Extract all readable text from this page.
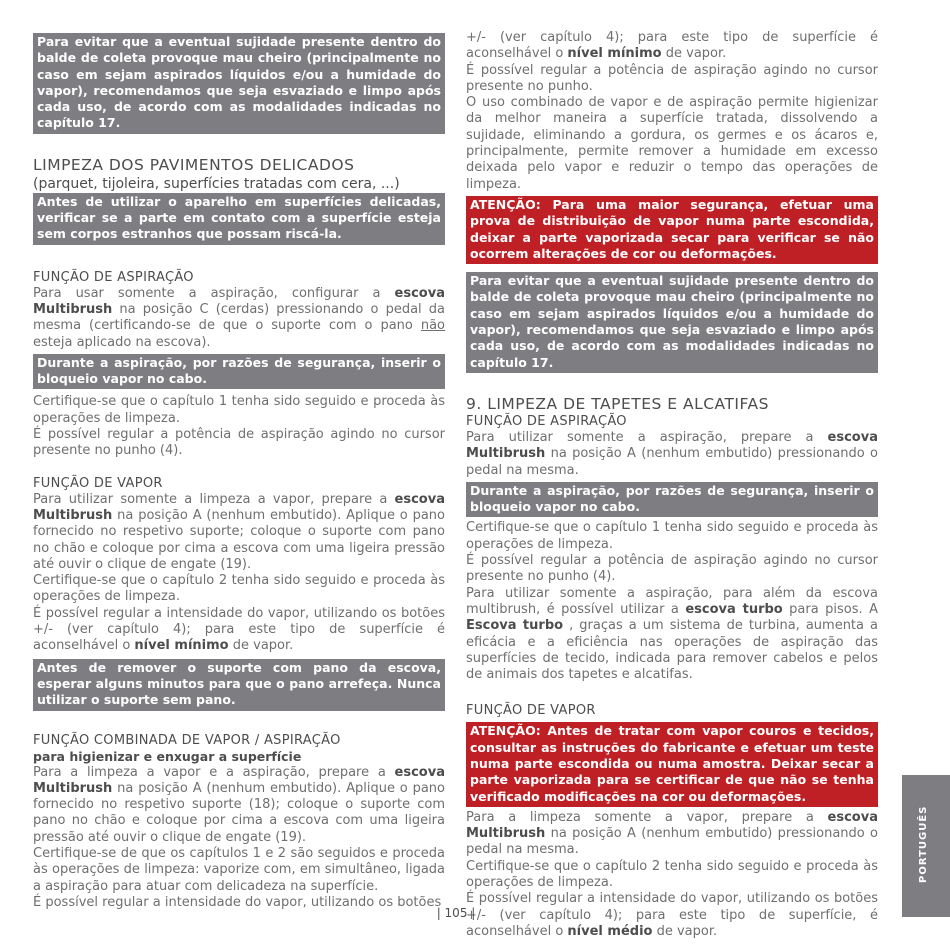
Para evitar que a eventual sujidade presente dentro do balde de coleta provoque mau cheiro (principalmente no caso em sejam aspirados líquidos e/ou a humidade do vapor), recomendamos que seja esvaziado e limpo após cada uso, de acordo com as modalidades indicadas no capítulo 17.
LIMPEZA DOS PAVIMENTOS DELICADOS
(parquet, tijoleira, superfícies tratadas com cera, ...)
Antes de utilizar o aparelho em superfícies delicadas, verificar se a parte em contato com a superfície esteja sem corpos estranhos que possam riscá-la.
FUNÇÃO DE ASPIRAÇÃO

Para usar somente a aspiração, configurar a escova Multibrush na posição C (cerdas) pressionando o pedal da mesma (certificando-se de que o suporte com o pano não esteja aplicado na escova).

Durante a aspiração, por razões de segurança, inserir o bloqueio vapor no cabo.

Certifique-se que o capítulo 1 tenha sido seguido e proceda às operações de limpeza.

É possível regular a potência de aspiração agindo no cursor presente no punho (4).

FUNÇÃO DE VAPOR

Para utilizar somente a limpeza a vapor, prepare a escova Multibrush na posição A (nenhum embutido). Aplique o pano fornecido no respetivo suporte; coloque o suporte com pano no chão e coloque por cima a escova com uma ligeira pressão até ouvir o clique de engate (19).

Certifique-se que o capítulo 2 tenha sido seguido e proceda às operações de limpeza.

É possível regular a intensidade do vapor, utilizando os botões +/- (ver capítulo 4); para este tipo de superfície é aconselhável o nível mínimo de vapor.

Antes de remover o suporte com pano da escova, esperar alguns minutos para que o pano arrefeça. Nunca utilizar o suporte sem pano.
FUNÇÃO COMBINADA DE VAPOR / ASPIRAÇÃO
para higienizar e enxugar a superfície

Para a limpeza a vapor e a aspiração, prepare a escova Multibrush na posição A (nenhum embutido). Aplique o pano fornecido no respetivo suporte (18); coloque o suporte com pano no chão e coloque por cima a escova com uma ligeira pressão até ouvir o clique de engate (19).

Certifique-se de que os capítulos 1 e 2 são seguidos e proceda às operações de limpeza: vaporize com, em simultâneo, ligada a aspiração para atuar com delicadeza na superfície.

É possível regular a intensidade do vapor, utilizando os botões

+/- (ver capítulo 4); para este tipo de superfície é aconselhável o nível mínimo de vapor.

É possível regular a potência de aspiração agindo no cursor presente no punho.

O uso combinado de vapor e de aspiração permite higienizar da melhor maneira a superfície tratada, dissolvendo a sujidade, eliminando a gordura, os germes e os ácaros e, principalmente, permite remover a humidade em excesso deixada pelo vapor e reduzir o tempo das operações de limpeza.

ATENÇÃO: Para uma maior segurança, efetuar uma prova de distribuição de vapor numa parte escondida, deixar a parte vaporizada secar para verificar se não ocorrem alterações de cor ou deformações.
Para evitar que a eventual sujidade presente dentro do balde de coleta provoque mau cheiro (principalmente no caso em sejam aspirados líquidos e/ou a humidade do vapor), recomendamos que seja esvaziado e limpo após cada uso, de acordo com as modalidades indicadas no capítulo 17.
9. LIMPEZA DE TAPETES E ALCATIFAS
FUNÇÃO DE ASPIRAÇÃO

Para utilizar somente a aspiração, prepare a escova Multibrush na posição A (nenhum embutido) pressionando o pedal na mesma.

Durante a aspiração, por razões de segurança, inserir o bloqueio vapor no cabo.

Certifique-se que o capítulo 1 tenha sido seguido e proceda às operações de limpeza.

É possível regular a potência de aspiração agindo no cursor presente no punho (4).

Para utilizar somente a aspiração, para além da escova multibrush, é possível utilizar a escova turbo para pisos. A Escova turbo , graças a um sistema de turbina, aumenta a eficácia e a eficiência nas operações de aspiração das superfícies de tecido, indicada para remover cabelos e pelos de animais dos tapetes e alcatifas.

FUNÇÃO DE VAPOR
ATENÇÃO: Antes de tratar com vapor couros e tecidos, consultar as instruções do fabricante e efetuar um teste numa parte escondida ou numa amostra. Deixar secar a parte vaporizada para se certificar de que não se tenha verificado modificações na cor ou deformações.

Para a limpeza somente a vapor, prepare a escova Multibrush na posição A (nenhum embutido) pressionando o pedal na mesma.

Certifique-se que o capítulo 2 tenha sido seguido e proceda às operações de limpeza.

É possível regular a intensidade do vapor, utilizando os botões +/- (ver capítulo 4); para este tipo de superfície, é aconselhável o nível médio de vapor.

| 105 |
PORTUGUÊS
